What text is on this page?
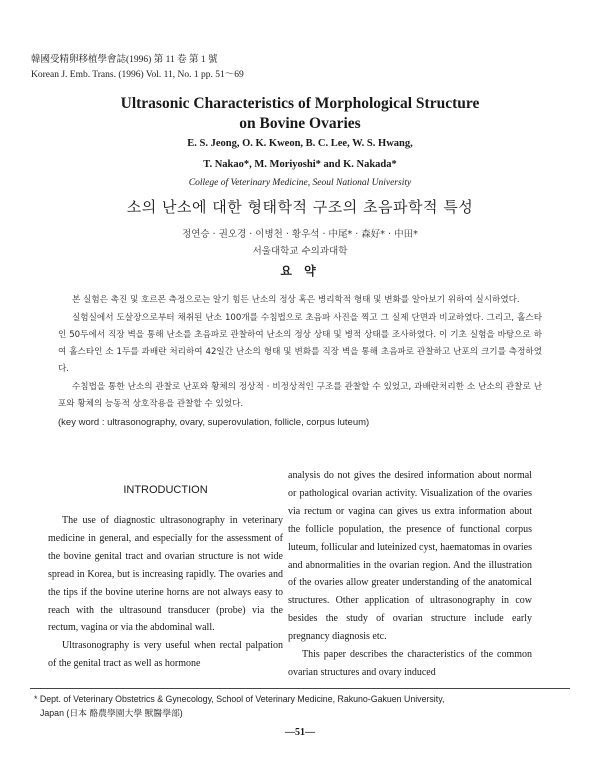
韓國受精卵移植學會誌(1996) 第 11 卷 第 1 號
Korean J. Emb. Trans. (1996) Vol. 11, No. 1 pp. 51～69
Ultrasonic Characteristics of Morphological Structure
on Bovine Ovaries
E. S. Jeong, O. K. Kweon, B. C. Lee, W. S. Hwang,
T. Nakao*, M. Moriyoshi* and K. Nakada*
College of Veterinary Medicine, Seoul National University
소의 난소에 대한 형태학적 구조의 초음파학적 특성
정연승 · 권오경 · 이병천 · 황우석 · 中尾* · 森好* · 中田*
서울대학교 수의과대학
요 약

본 실험은 촉진 및 호르몬 측정으로는 알기 힘든 난소의 정상 혹은 병리학적 형태 및 변화를 알아보기 위하여 실시하였다.

실험실에서 도살장으로부터 채취된 난소 100개를 수침법으로 초음파 사진을 찍고 그 실제 단면과 비교하였다. 그리고, 홀스타인 50두에서 직장 벽을 통해 난소를 초음파로 관찰하여 난소의 정상 상태 및 병적 상태를 조사하였다. 이 기초 실험을 바탕으로 하여 홀스타인 소 1두를 과배란 처리하여 42일간 난소의 형태 및 변화를 직장 벽을 통해 초음파로 관찰하고 난포의 크기를 측정하였다.

수침법을 통한 난소의 관찰로 난포와 황체의 정상적 · 비정상적인 구조를 관찰할 수 있었고, 과배란처리한 소 난소의 관찰로 난포와 황체의 능동적 상호작용을 관찰할 수 있었다.

(key word : ultrasonography, ovary, superovulation, follicle, corpus luteum)

INTRODUCTION

The use of diagnostic ultrasonography in veterinary medicine in general, and especially for the assessment of the bovine genital tract and ovarian structure is not wide spread in Korea, but is increasing rapidly. The ovaries and the tips if the bovine uterine horns are not always easy to reach with the ultrasound transducer (probe) via the rectum, vagina or via the abdominal wall.

Ultrasonography is very useful when rectal palpation of the genital tract as well as hormone

analysis do not gives the desired information about normal or pathological ovarian activity. Visualization of the ovaries via rectum or vagina can gives us extra information about the follicle population, the presence of functional corpus luteum, follicular and luteinized cyst, haematomas in ovaries and abnormalities in the ovarian region. And the illustration of the ovaries allow greater understanding of the anatomical structures. Other application of ultrasonography in cow besides the study of ovarian structure include early pregnancy diagnosis etc.

This paper describes the characteristics of the common ovarian structures and ovary induced

* Dept. of Veterinary Obstetrics & Gynecology, School of Veterinary Medicine, Rakuno-Gakuen University,
Japan (日本 酪農學園大學 獸醫學部)
—51—
